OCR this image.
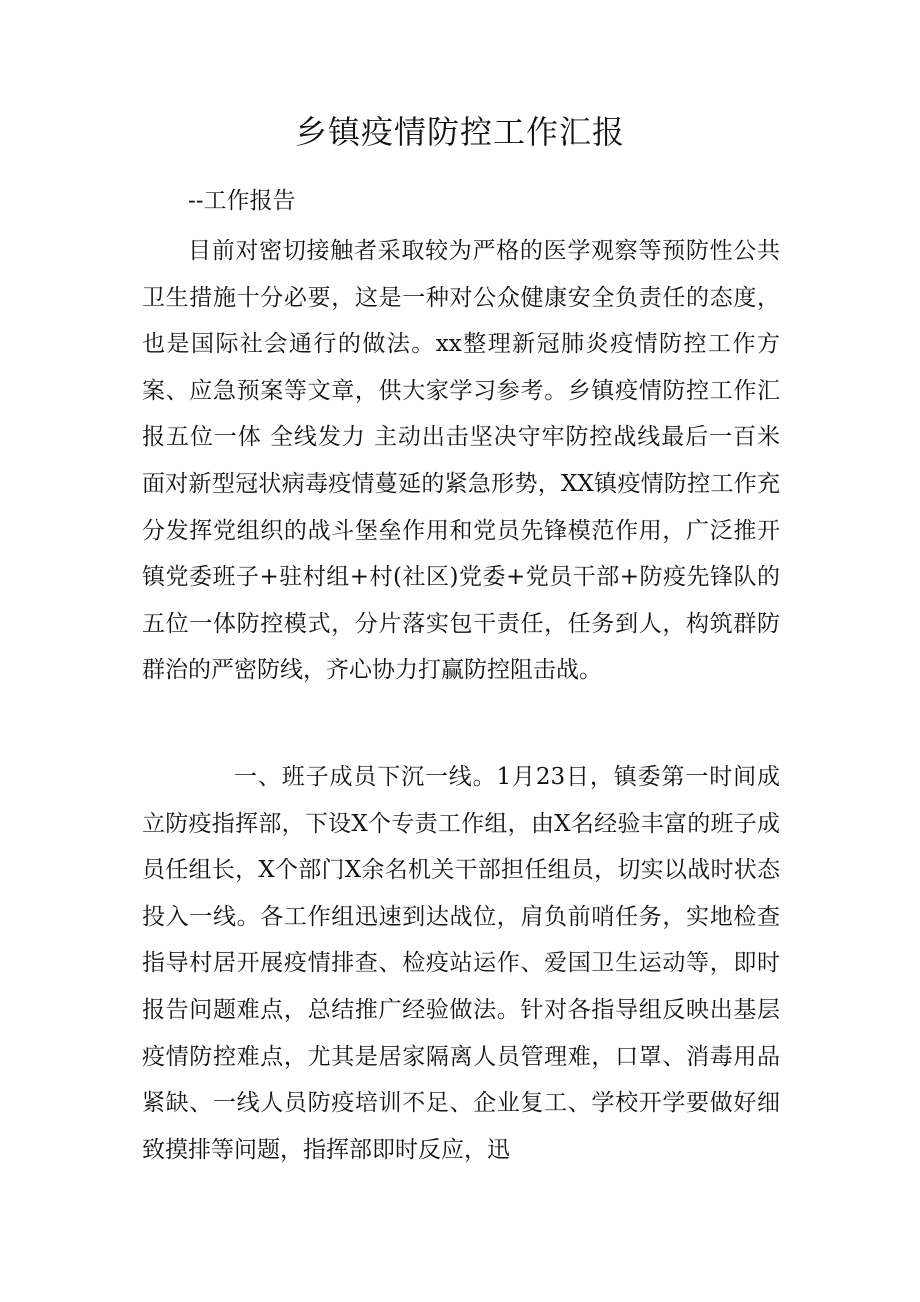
乡镇疫情防控工作汇报

--工作报告

目前对密切接触者采取较为严格的医学观察等预防性公共卫生措施十分必要，这是一种对公众健康安全负责任的态度，也是国际社会通行的做法。xx整理新冠肺炎疫情防控工作方案、应急预案等文章，供大家学习参考。乡镇疫情防控工作汇报五位一体 全线发力 主动出击坚决守牢防控战线最后一百米　　面对新型冠状病毒疫情蔓延的紧急形势，XX镇疫情防控工作充分发挥党组织的战斗堡垒作用和党员先锋模范作用，广泛推开镇党委班子+驻村组+村(社区)党委+党员干部+防疫先锋队的五位一体防控模式，分片落实包干责任，任务到人，构筑群防群治的严密防线，齐心协力打赢防控阻击战。

一、班子成员下沉一线。1月23日，镇委第一时间成立防疫指挥部，下设X个专责工作组，由X名经验丰富的班子成员任组长，X个部门X余名机关干部担任组员，切实以战时状态投入一线。各工作组迅速到达战位，肩负前哨任务，实地检查指导村居开展疫情排查、检疫站运作、爱国卫生运动等，即时报告问题难点，总结推广经验做法。针对各指导组反映出基层疫情防控难点，尤其是居家隔离人员管理难，口罩、消毒用品紧缺、一线人员防疫培训不足、企业复工、学校开学要做好细致摸排等问题，指挥部即时反应，迅
